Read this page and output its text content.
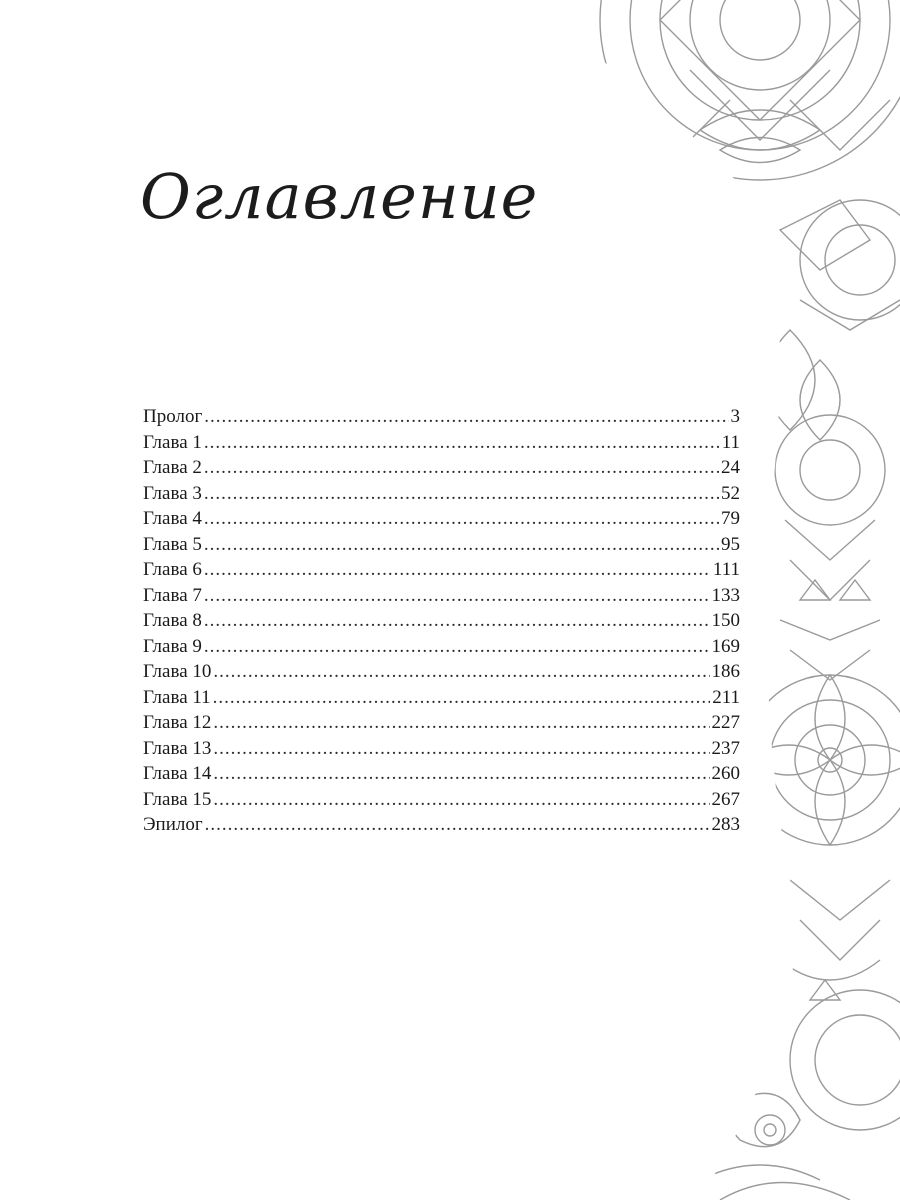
Оглавление
Пролог .....	3
Глава 1 .....	11
Глава 2 .....	24
Глава 3 .....	52
Глава 4 .....	79
Глава 5 .....	95
Глава 6 .....	111
Глава 7 .....	133
Глава 8 .....	150
Глава 9 .....	169
Глава 10 .....	186
Глава 11 .....	211
Глава 12 .....	227
Глава 13 .....	237
Глава 14 .....	260
Глава 15 .....	267
Эпилог .....	283
